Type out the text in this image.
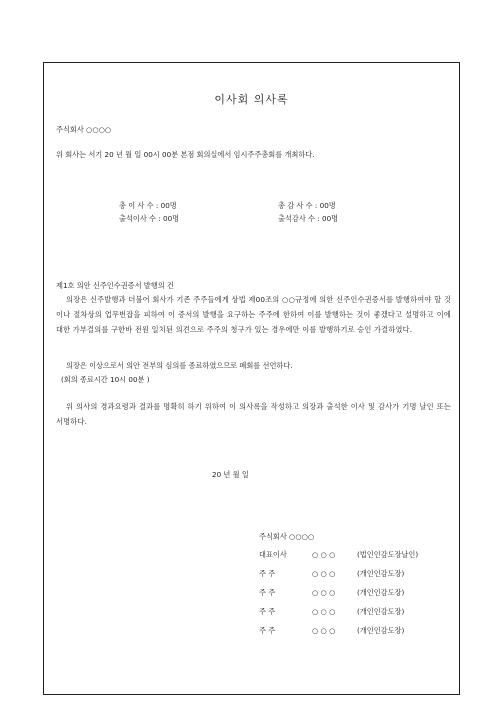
이사회 의사록
주식회사 ○○○○
위 회사는 서기 20 년 월 일 00시 00분 본점 회의실에서 임시주주총회를 개최하다.
총 이 사 수 : 00명	총 감 사 수 : 00명
출석이사 수 : 00명	출석감사 수 : 00명
제1호 의안 신주인수권증서 발행의 건
의장은 신주발행과 더불어 회사가 기존 주주들에게 상법 제00조의 ○○규정에 의한 신주인수권증서를 발행하여야 할 것이나 절차상의 업무번잡을 피하여 이 증서의 발행을 요구하는 주주에 한하여 이를 발행하는 것이 좋겠다고 설명하고 이에 대한 가부결의를 구한바 전원 일치된 의견으로 주주의 청구가 있는 경우에만 이를 발행하기로 승인 가결하였다.
의장은 이상으로서 의안 전부의 심의를 종료하였으므로 폐회를 선언하다.
(회의 종료시간 10시 00분 )
위 의사의 경과요령과 결과를 명확히 하기 위하여 이 의사록을 작성하고 의장과 출석한 이사 및 감사가 기명 날인 또는 서명하다.
20 년 월 일
주식회사 ○○○○
대표이사	○ ○ ○	(법인인감도장날인)
주 주	○ ○ ○	(개인인감도장)
주 주	○ ○ ○	(개인인감도장)
주 주	○ ○ ○	(개인인감도장)
주 주	○ ○ ○	(개인인감도장)
